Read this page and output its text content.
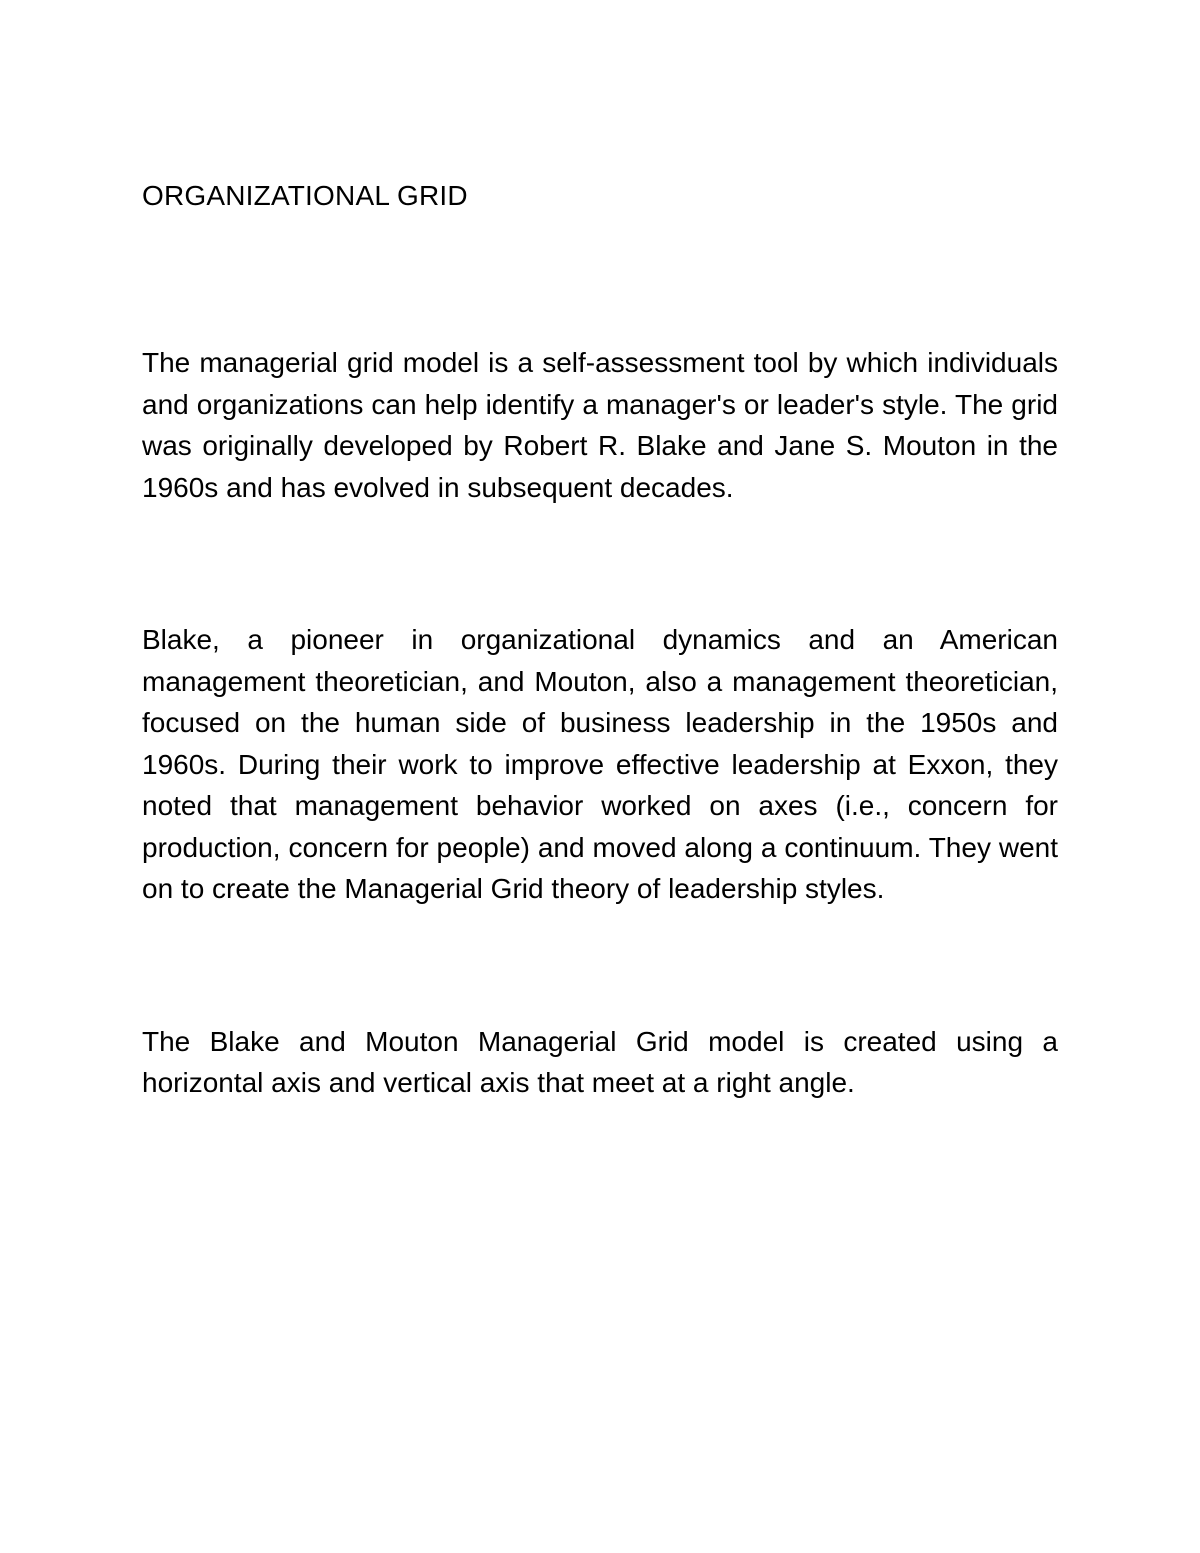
ORGANIZATIONAL GRID

The managerial grid model is a self-assessment tool by which individuals and organizations can help identify a manager's or leader's style. The grid was originally developed by Robert R. Blake and Jane S. Mouton in the 1960s and has evolved in subsequent decades.

Blake, a pioneer in organizational dynamics and an American management theoretician, and Mouton, also a management theoretician, focused on the human side of business leadership in the 1950s and 1960s. During their work to improve effective leadership at Exxon, they noted that management behavior worked on axes (i.e., concern for production, concern for people) and moved along a continuum. They went on to create the Managerial Grid theory of leadership styles.

The Blake and Mouton Managerial Grid model is created using a horizontal axis and vertical axis that meet at a right angle.
